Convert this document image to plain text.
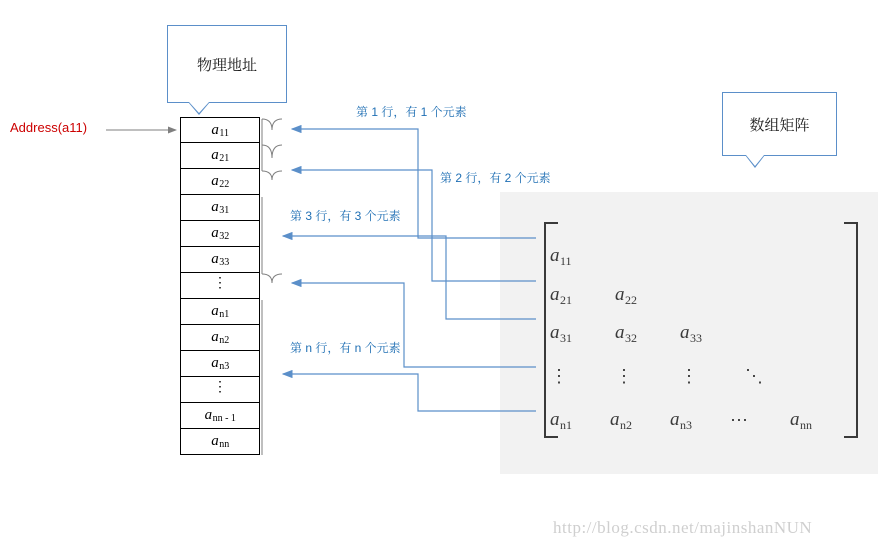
物理地址
数组矩阵
Address(a11)	a 11
a 21
a 22
a 31
a 32
a 33
⋮
a n1
a n2
a n3
⋮
a nn - 1
a nn
第 1 行，有 1 个元素
第 2 行，有 2 个元素
第 3 行，有 3 个元素
第 n 行，有 n 个元素
$a_{11}$
$a_{21}$	$a_{22}$
$a_{31}$	$a_{32}$	$a_{33}$
⋮	⋮	⋮	⋱
$a_{n1}$	$a_{n2}$	$a_{n3}$	⋯	$a_{nn}$
http://blog.csdn.net/majinshanNUN
